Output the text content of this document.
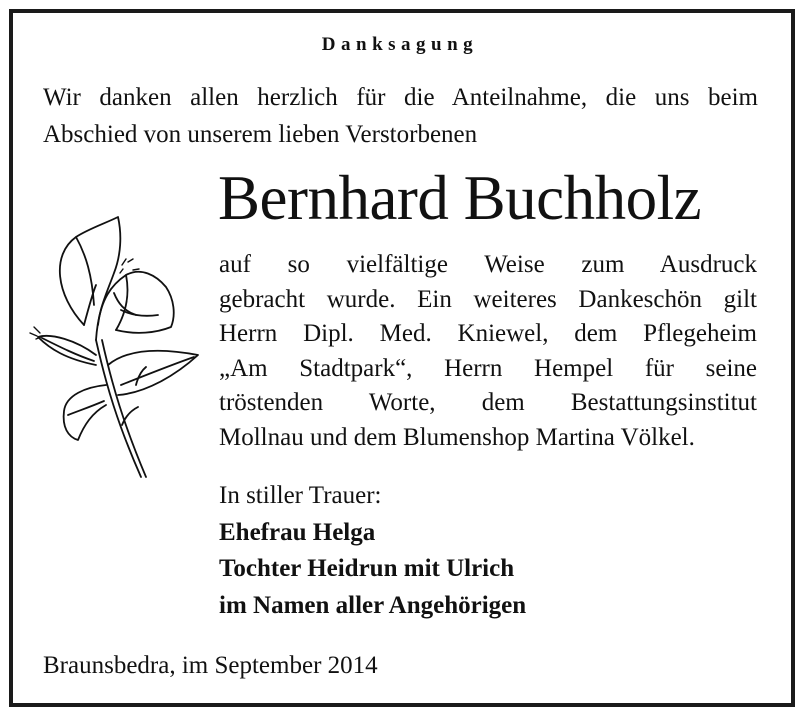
Danksagung
Wir danken allen herzlich für die Anteilnahme, die uns beim
Abschied von unserem lieben Verstorbenen
Bernhard Buchholz
auf so vielfältige Weise zum Ausdruck
gebracht wurde. Ein weiteres Dankeschön gilt
Herrn Dipl. Med. Kniewel, dem Pflegeheim
„Am Stadtpark“, Herrn Hempel für seine
tröstenden Worte, dem Bestattungsinstitut
Mollnau und dem Blumenshop Martina Völkel.
In stiller Trauer:
Ehefrau Helga
Tochter Heidrun mit Ulrich
im Namen aller Angehörigen
Braunsbedra, im September 2014
